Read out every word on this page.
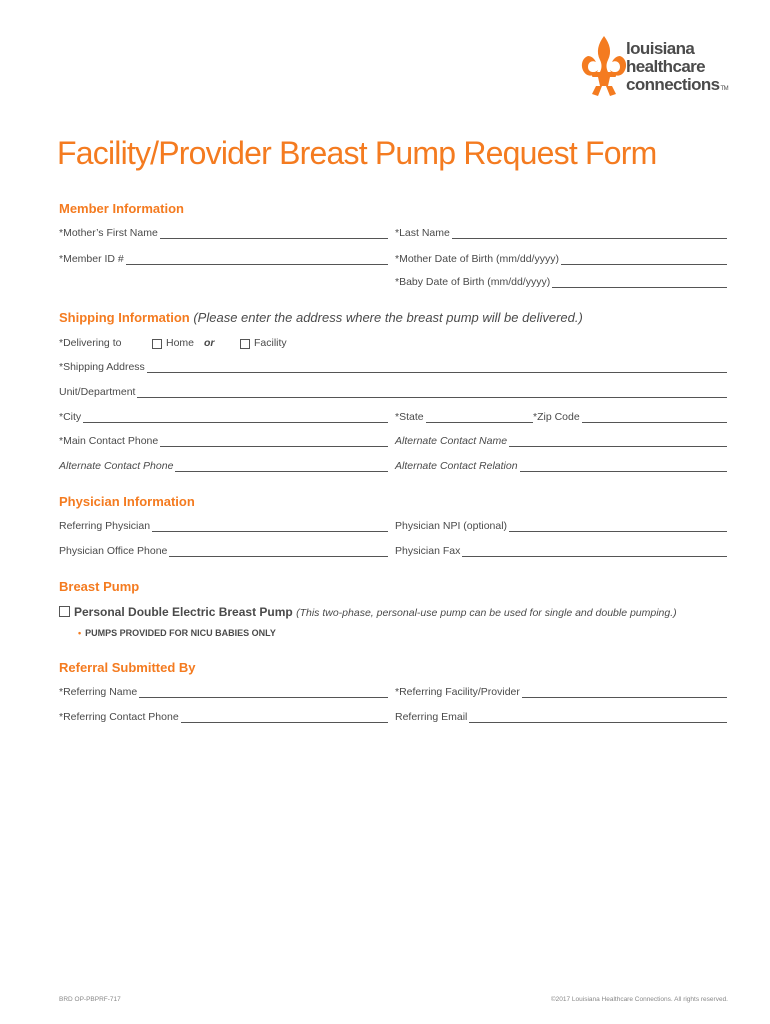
louisiana
healthcare
connectionsTM
Facility/Provider Breast Pump Request Form
Member Information
*Mother’s First Name	*Last Name
*Member ID #	*Mother Date of Birth (mm/dd/yyyy)
*Baby Date of Birth (mm/dd/yyyy)
Shipping Information (Please enter the address where the breast pump will be delivered.)
*Delivering to	Home or	Facility
*Shipping Address
Unit/Department
*City	*State	*Zip Code
*Main Contact Phone	Alternate Contact Name
Alternate Contact Phone	Alternate Contact Relation
Physician Information
Referring Physician	Physician NPI (optional)
Physician Office Phone	Physician Fax
Breast Pump
Personal Double Electric Breast Pump (This two-phase, personal-use pump can be used for single and double pumping.)
• PUMPS PROVIDED FOR NICU BABIES ONLY
Referral Submitted By
*Referring Name	*Referring Facility/Provider
*Referring Contact Phone	Referring Email
BRD OP-PBPRF-717	©2017 Louisiana Healthcare Connections. All rights reserved.
